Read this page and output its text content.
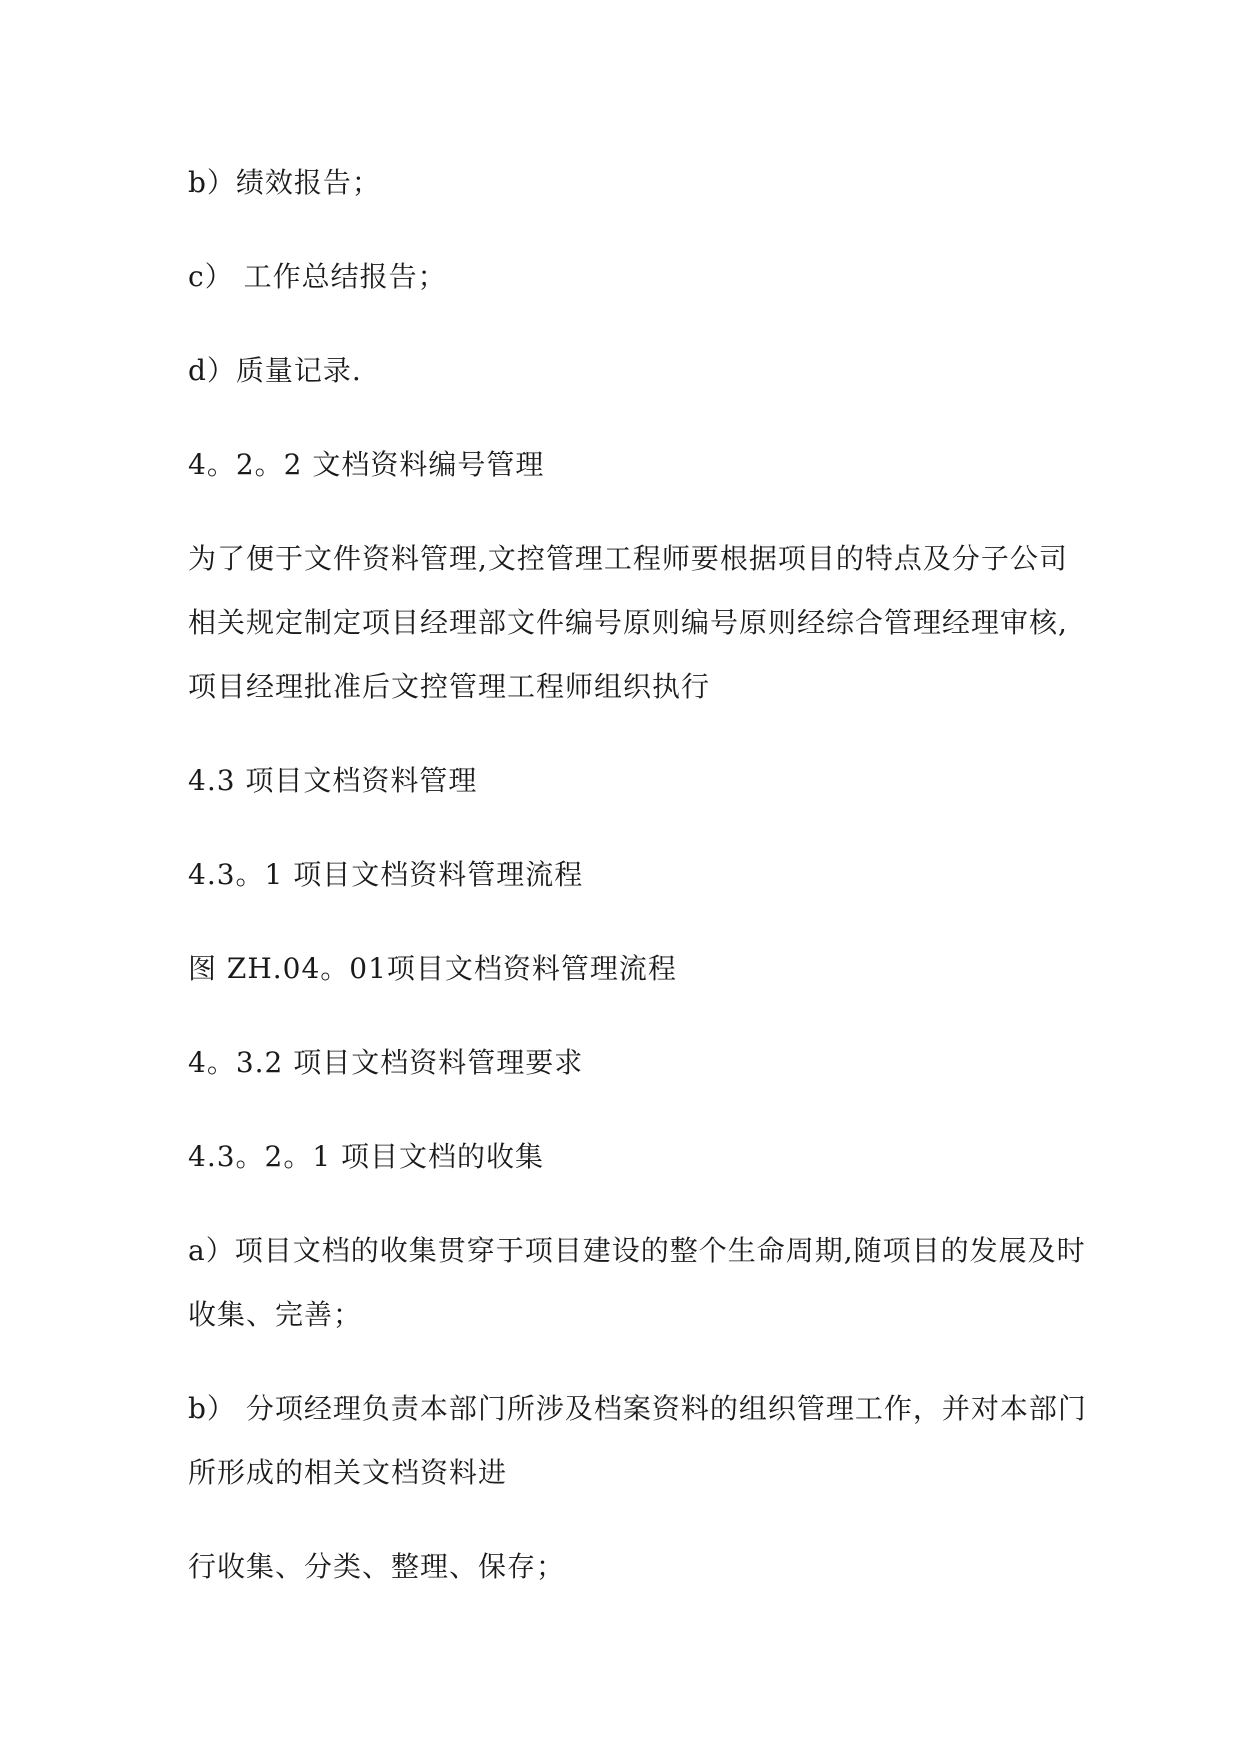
b）绩效报告；
c） 工作总结报告；
d）质量记录.
4。2。2 文档资料编号管理
为了便于文件资料管理,文控管理工程师要根据项目的特点及分子公司
相关规定制定项目经理部文件编号原则编号原则经综合管理经理审核,
项目经理批准后文控管理工程师组织执行
4.3 项目文档资料管理
4.3。1 项目文档资料管理流程
图 ZH.04。01项目文档资料管理流程
4。3.2 项目文档资料管理要求
4.3。2。1 项目文档的收集
a）项目文档的收集贯穿于项目建设的整个生命周期,随项目的发展及时
收集、完善；
b） 分项经理负责本部门所涉及档案资料的组织管理工作，并对本部门
所形成的相关文档资料进
行收集、分类、整理、保存；
